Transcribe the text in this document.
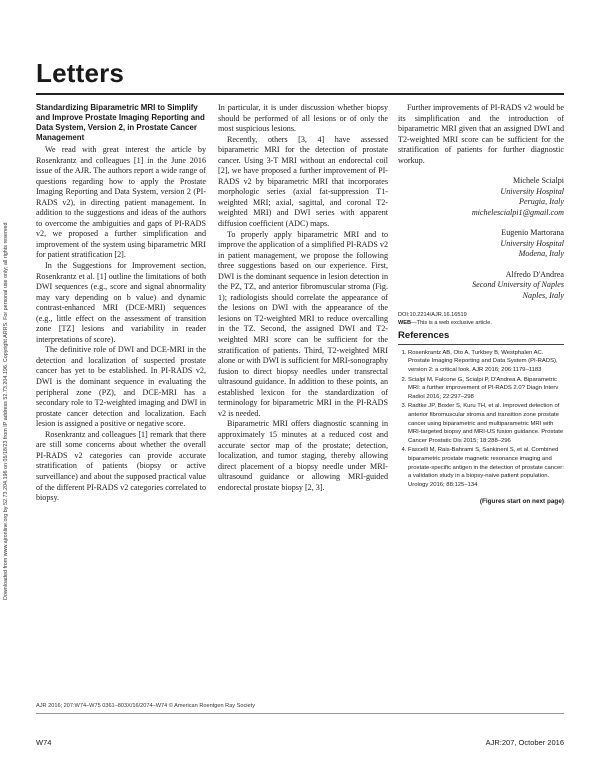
Downloaded from www.ajronline.org by 52.73.204.196 on 05/18/23 from IP address 52.73.204.196. Copyright ARRS. For personal use only; all rights reserved
Letters
Standardizing Biparametric MRI to Simplify and Improve Prostate Imaging Reporting and Data System, Version 2, in Prostate Cancer Management

We read with great interest the article by Rosenkrantz and colleagues [1] in the June 2016 issue of the AJR. The authors report a wide range of questions regarding how to apply the Prostate Imaging Reporting and Data System, version 2 (PI-RADS v2), in directing patient management. In addition to the suggestions and ideas of the authors to overcome the ambiguities and gaps of PI-RADS v2, we proposed a further simplification and improvement of the system using biparametric MRI for patient stratification [2].

In the Suggestions for Improvement section, Rosenkrantz et al. [1] outline the limitations of both DWI sequences (e.g., score and signal abnormality may vary depending on b value) and dynamic contrast-enhanced MRI (DCE-MRI) sequences (e.g., little effect on the assessment of transition zone [TZ] lesions and variability in reader interpretations of score).

The definitive role of DWI and DCE-MRI in the detection and localization of suspected prostate cancer has yet to be established. In PI-RADS v2, DWI is the dominant sequence in evaluating the peripheral zone (PZ), and DCE-MRI has a secondary role to T2-weighted imaging and DWI in prostate cancer detection and localization. Each lesion is assigned a positive or negative score.

Rosenkrantz and colleagues [1] remark that there are still some concerns about whether the overall PI-RADS v2 categories can provide accurate stratification of patients (biopsy or active surveillance) and about the supposed practical value of the different PI-RADS v2 categories correlated to biopsy.

In particular, it is under discussion whether biopsy should be performed of all lesions or of only the most suspicious lesions.

Recently, others [3, 4] have assessed biparametric MRI for the detection of prostate cancer. Using 3-T MRI without an endorectal coil [2], we have proposed a further improvement of PI-RADS v2 by biparametric MRI that incorporates morphologic series (axial fat-suppression T1-weighted MRI; axial, sagittal, and coronal T2-weighted MRI) and DWI series with apparent diffusion coefficient (ADC) maps.

To properly apply biparametric MRI and to improve the application of a simplified PI-RADS v2 in patient management, we propose the following three suggestions based on our experience. First, DWI is the dominant sequence in lesion detection in the PZ, TZ, and anterior fibromuscular stroma (Fig. 1); radiologists should correlate the appearance of the lesions on DWI with the appearance of the lesions on T2-weighted MRI to reduce overcalling in the TZ. Second, the assigned DWI and T2-weighted MRI score can be sufficient for the stratification of patients. Third, T2-weighted MRI alone or with DWI is sufficient for MRI-sonography fusion to direct biopsy needles under transrectal ultrasound guidance. In addition to these points, an established lexicon for the standardization of terminology for biparametric MRI in the PI-RADS v2 is needed.

Biparametric MRI offers diagnostic scanning in approximately 15 minutes at a reduced cost and accurate sector map of the prostate; detection, localization, and tumor staging, thereby allowing direct placement of a biopsy needle under MRI-ultrasound guidance or allowing MRI-guided endorectal prostate biopsy [2, 3].

Further improvements of PI-RADS v2 would be its simplification and the introduction of biparametric MRI given that an assigned DWI and T2-weighted MRI score can be sufficient for the stratification of patients for further diagnostic workup.

Michele Scialpi
University Hospital
Perugia, Italy
michelescialpi1@gmail.com
Eugenio Martorana
University Hospital
Modena, Italy
Alfredo D'Andrea
Second University of Naples
Naples, Italy
DOI:10.2214/AJR.16.16519
WEB—This is a web exclusive article.
References
1. Rosenkrantz AB, Oto A, Turkbey B, Westphalen AC. Prostate Imaging Reporting and Data System (PI-RADS), version 2: a critical look. AJR 2016; 206:1179–1183
2. Scialpi M, Falcone G, Scialpi P, D'Andrea A. Biparametric MRI: a further improvement of PI-RADS 2.0? Diagn Interv Radiol 2016; 22:297–298
3. Radtke JP, Boxler S, Kuru TH, et al. Improved detection of anterior fibromuscular stroma and transition zone prostate cancer using biparametric and multiparametric MRI with MRI-targeted biopsy and MRI-US fusion guidance. Prostate Cancer Prostatic Dis 2015; 18:288–296
4. Fascelli M, Rais-Bahrami S, Sankineni S, et al. Combined biparametric prostate magnetic resonance imaging and prostate-specific antigen in the detection of prostate cancer: a validation study in a biopsy-naive patient population. Urology 2016; 88:125–134
(Figures start on next page)
AJR 2016; 207:W74–W75 0361–803X/16/2074–W74 © American Roentgen Ray Society
W74	AJR:207, October 2016
